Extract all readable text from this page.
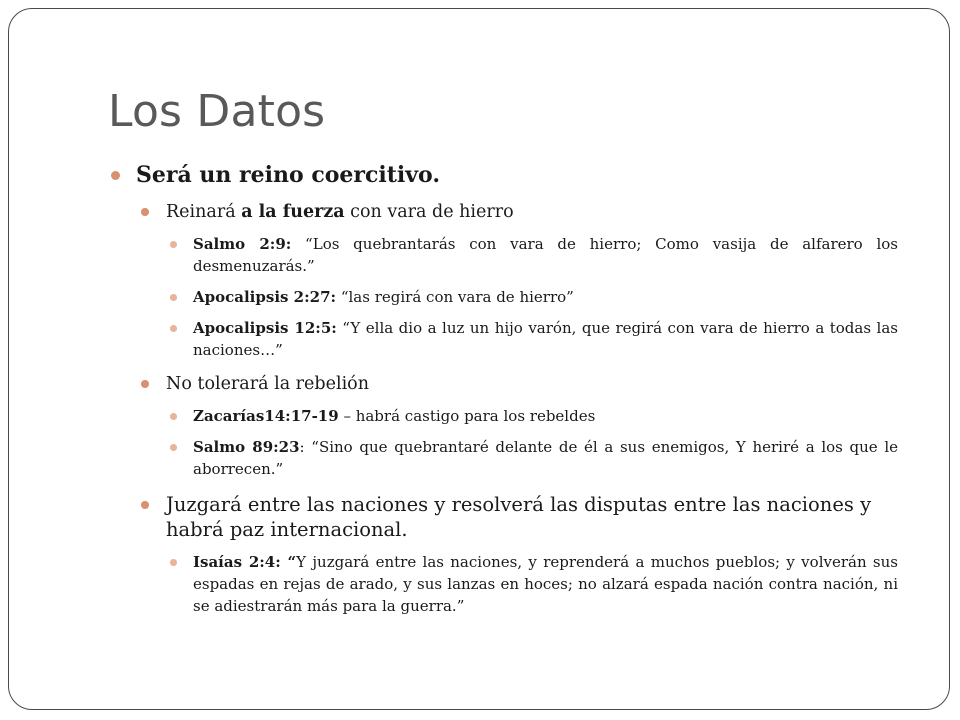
Los Datos
Será un reino coercitivo.
Reinará a la fuerza con vara de hierro
Salmo 2:9: “Los quebrantarás con vara de hierro; Como vasija de alfarero los desmenuzarás.”
Apocalipsis 2:27: “las regirá con vara de hierro”
Apocalipsis 12:5: “Y ella dio a luz un hijo varón, que regirá con vara de hierro a todas las naciones…”
No tolerará la rebelión
Zacarías14:17-19 – habrá castigo para los rebeldes
Salmo 89:23: “Sino que quebrantaré delante de él a sus enemigos, Y heriré a los que le aborrecen.”
Juzgará entre las naciones y resolverá las disputas entre las naciones y habrá paz internacional.
Isaías 2:4: “Y juzgará entre las naciones, y reprenderá a muchos pueblos; y volverán sus espadas en rejas de arado, y sus lanzas en hoces; no alzará espada nación contra nación, ni se adiestrarán más para la guerra.”
